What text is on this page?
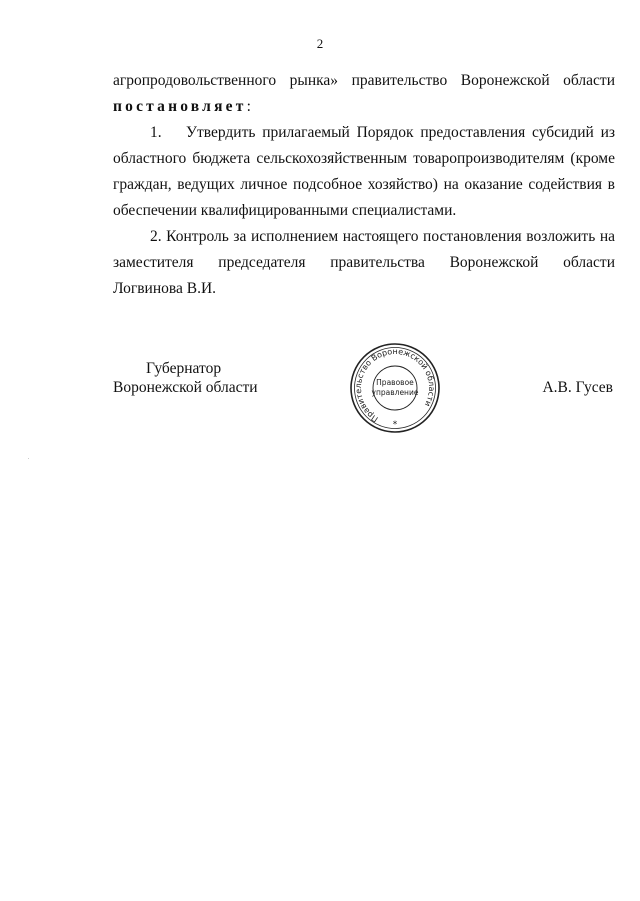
2
агропродовольственного рынка» правительство Воронежской области
постановляет:
1. Утвердить прилагаемый Порядок предоставления субсидий из
областного бюджета сельскохозяйственным товаропроизводителям (кроме
граждан, ведущих личное подсобное хозяйство) на оказание содействия в
обеспечении квалифицированными специалистами.
2. Контроль за исполнением настоящего постановления возложить на
заместителя председателя правительства Воронежской области
Логвинова В.И.
Губернатор
Воронежской области
Правительство Воронежской области
Правовое
управление
*
А.В. Гусев
